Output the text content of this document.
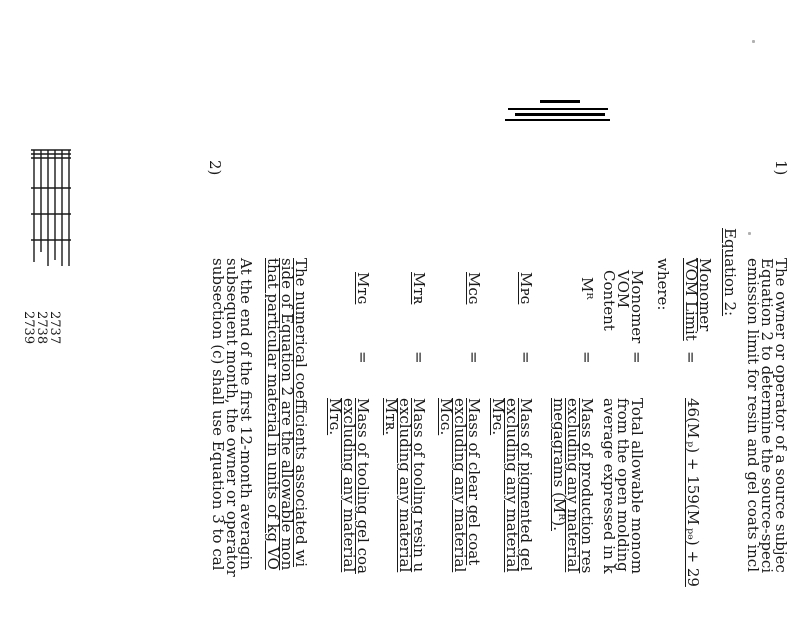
1)
The owner or operator of a source subjec
Equation 2 to determine the source-speci
emission limit for resin and gel coats incl
Equation 2:
Monomer
VOM Limit
=
46(M ₚ) + 159(M ₚₔ) + 29
where:
Monomer
VOM
Content
=
Total allowable monom
from the open molding
average expressed in k
Mᴿ
=
Mass of production res
excluding any material
megagrams (Mᴿ).
Mᴘɢ
=
Mass of pigmented gel
excluding any material
Mᴘɢ.
Mᴄɢ
=
Mass of clear gel coat
excluding any material
Mᴄɢ.
Mᴛʀ
=
Mass of tooling resin u
excluding any material
Mᴛʀ.
Mᴛɢ
=
Mass of tooling gel coa
excluding any material
Mᴛɢ.
The numerical coefficients associated wi
side of Equation 2 are the allowable mon
that particular material in units of kg VO
2)
At the end of the first 12-month averagin
subsequent month, the owner or operator
subsection (c) shall use Equation 3 to cal
2737
2738
2739
